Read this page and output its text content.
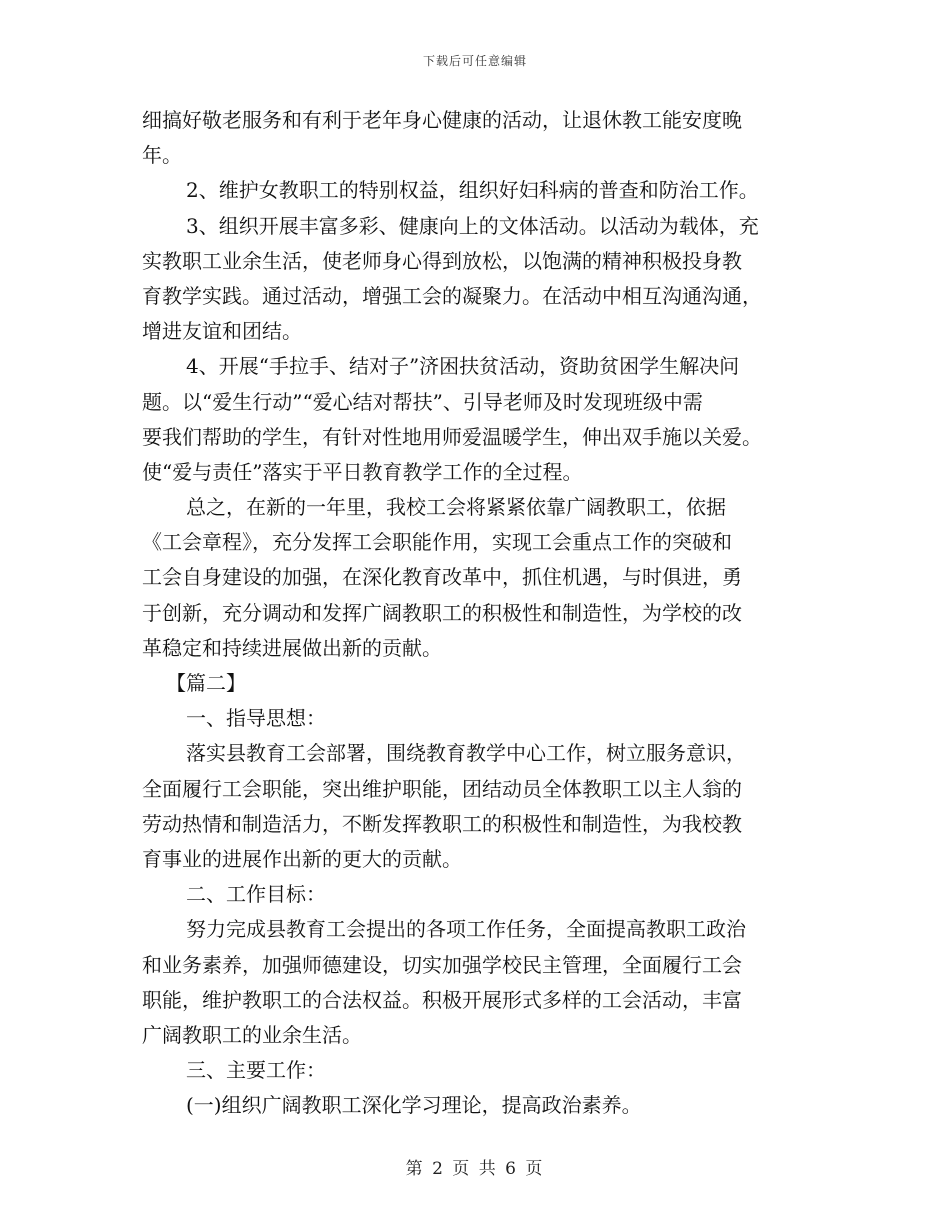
下载后可任意编辑
细搞好敬老服务和有利于老年身心健康的活动，让退休教工能安度晚
年。
2、维护女教职工的特别权益，组织好妇科病的普查和防治工作。
3、组织开展丰富多彩、健康向上的文体活动。以活动为载体，充
实教职工业余生活，使老师身心得到放松，以饱满的精神积极投身教
育教学实践。通过活动，增强工会的凝聚力。在活动中相互沟通沟通，
增进友谊和团结。
4、开展“手拉手、结对子”济困扶贫活动，资助贫困学生解决问
题。以“爱生行动”“爱心结对帮扶”、引导老师及时发现班级中需
要我们帮助的学生，有针对性地用师爱温暖学生，伸出双手施以关爱。
使“爱与责任”落实于平日教育教学工作的全过程。
总之，在新的一年里，我校工会将紧紧依靠广阔教职工，依据
《工会章程》，充分发挥工会职能作用，实现工会重点工作的突破和
工会自身建设的加强，在深化教育改革中，抓住机遇，与时俱进，勇
于创新，充分调动和发挥广阔教职工的积极性和制造性，为学校的改
革稳定和持续进展做出新的贡献。
【篇二】
一、指导思想：
落实县教育工会部署，围绕教育教学中心工作，树立服务意识，
全面履行工会职能，突出维护职能，团结动员全体教职工以主人翁的
劳动热情和制造活力，不断发挥教职工的积极性和制造性，为我校教
育事业的进展作出新的更大的贡献。
二、工作目标：
努力完成县教育工会提出的各项工作任务，全面提高教职工政治
和业务素养，加强师德建设，切实加强学校民主管理，全面履行工会
职能，维护教职工的合法权益。积极开展形式多样的工会活动，丰富
广阔教职工的业余生活。
三、主要工作：
(一)组织广阔教职工深化学习理论，提高政治素养。
第 2 页 共 6 页
